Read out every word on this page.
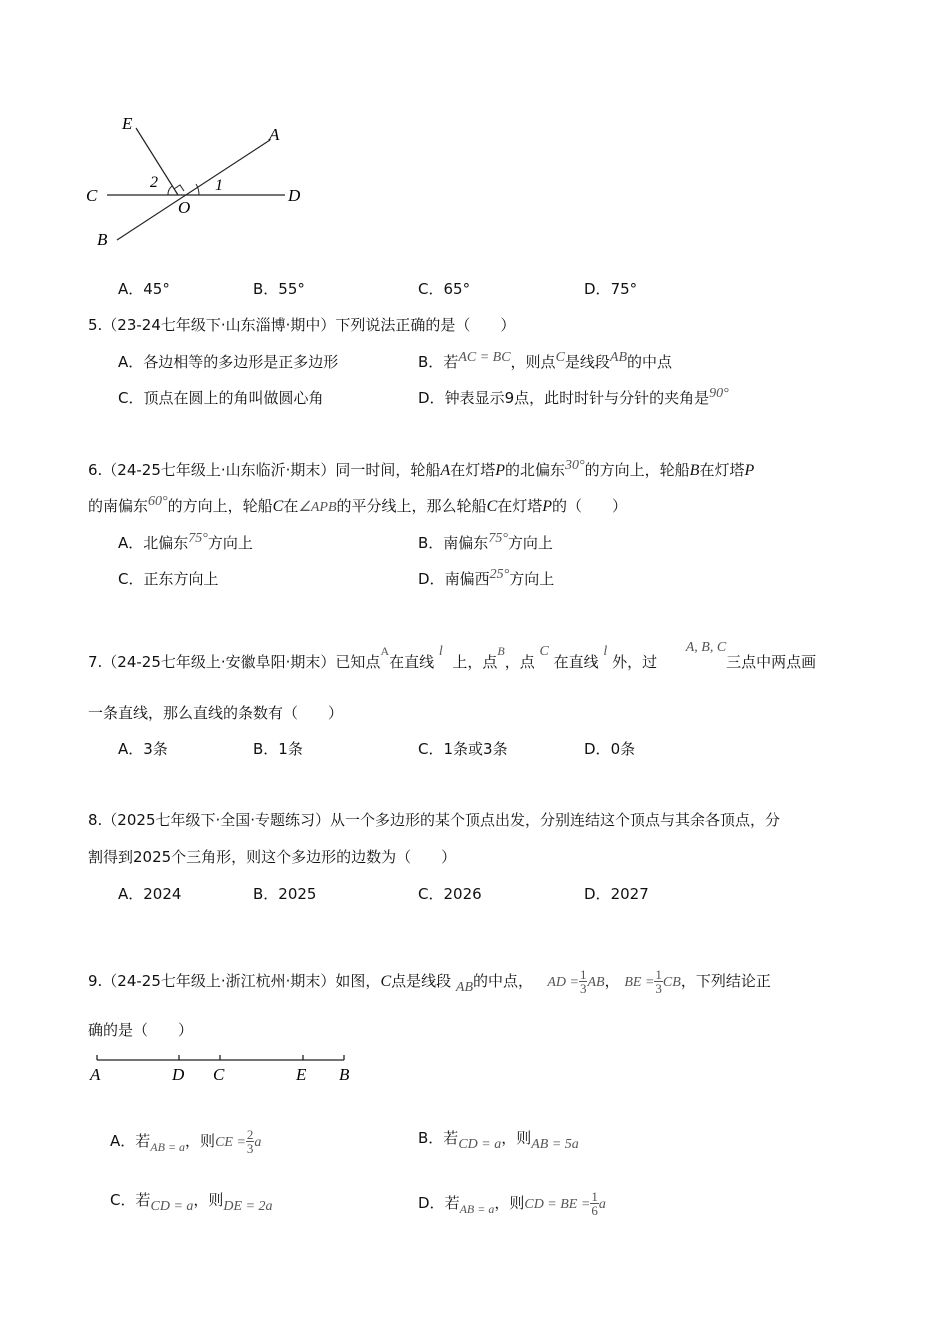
E
A
C	D
O
B
2	1
A．45°	B．55°	C．65°	D．75°
5.（23-24七年级下·山东淄博·期中）下列说法正确的是（　　）
A．各边相等的多边形是正多边形	B．若AC = BC，则点C是线段AB的中点
C．顶点在圆上的角叫做圆心角	D．钟表显示9点，此时时针与分针的夹角是90°
6.（24-25七年级上·山东临沂·期末）同一时间，轮船A在灯塔P的北偏东30°的方向上，轮船B在灯塔P
的南偏东60°的方向上，轮船C在∠APB的平分线上，那么轮船C在灯塔P的（　　）
A．北偏东75°方向上	B．南偏东75°方向上
C．正东方向上	D．南偏西25°方向上
7.（24-25七年级上·安徽阜阳·期末）已知点$^A$在直线 l  上，点$^B$，点 C 在直线 l 外，过      A, B, C三点中两点画
一条直线，那么直线的条数有（　　）
A．3条	B．1条	C．1条或3条	D．0条
8.（2025七年级下·全国·专题练习）从一个多边形的某个顶点出发，分别连结这个顶点与其余各顶点，分
割得到2025个三角形，则这个多边形的边数为（　　）
A．2024	B．2025	C．2026	D．2027
9.（24-25七年级上·浙江杭州·期末）如图，C点是线段 AB的中点， AD = $\frac{1}{3}$ AB， BE = $\frac{1}{3}$ CB，下列结论正
确的是（　　）
A	D C	E B
A．若$_{AB = a}$，则CE = $\frac{2}{3}$ a	B．若CD = a，则AB = 5a
C．若CD = a，则DE = 2a	D．若$_{AB = a}$，则CD = BE = $\frac{1}{6}$ a
